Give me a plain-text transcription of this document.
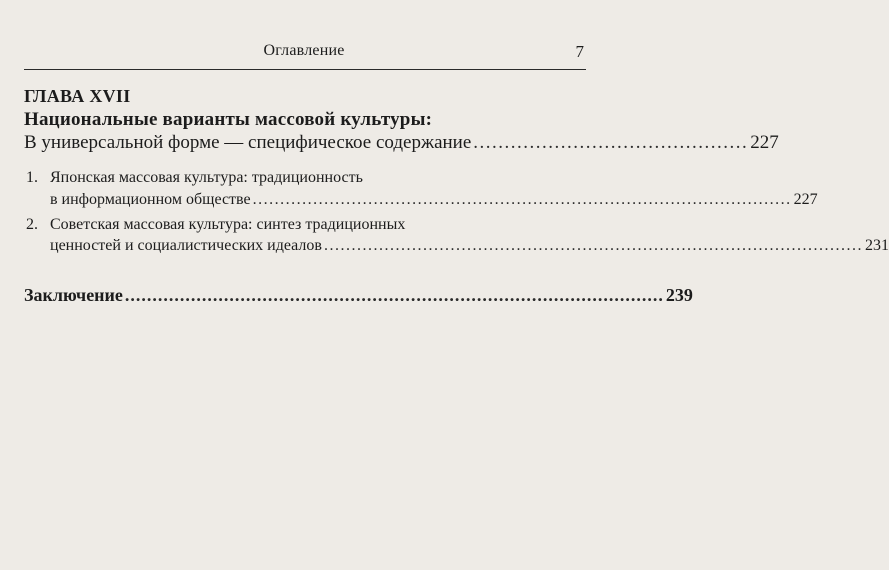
Оглавление	7
ГЛАВА XVII
Национальные варианты массовой культуры:
В универсальной форме — специфическое содержание ............................................ 227
1. Японская массовая культура: традиционность
в информационном обществе .................................................................................................. 227
2. Советская массовая культура: синтез традиционных
ценностей и социалистических идеалов .................................................................................................. 231
Заключение .................................................................................................. 239
